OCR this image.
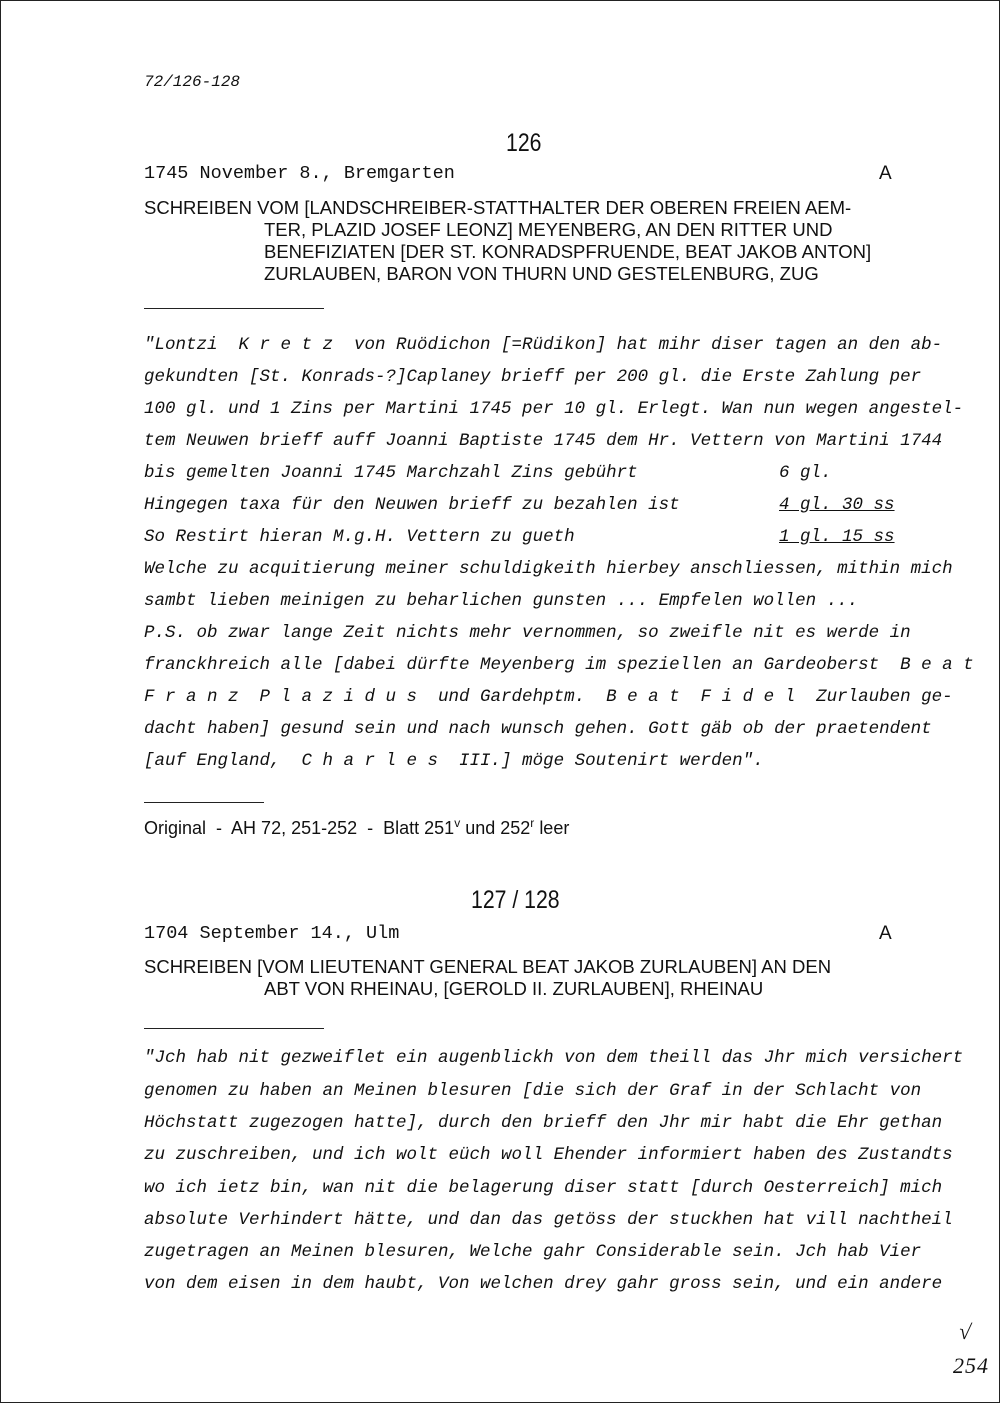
72/126-128
126
1745 November 8., Bremgarten	A
SCHREIBEN VOM [LANDSCHREIBER-STATTHALTER DER OBEREN FREIEN AEM-
TER, PLAZID JOSEF LEONZ] MEYENBERG, AN DEN RITTER UND
BENEFIZIATEN [DER ST. KONRADSPFRUENDE, BEAT JAKOB ANTON]
ZURLAUBEN, BARON VON THURN UND GESTELENBURG, ZUG
"Lontzi  K r e t z  von Ruödichon [=Rüdikon] hat mihr diser tagen an den ab-
gekundten [St. Konrads-?]Caplaney brieff per 200 gl. die Erste Zahlung per
100 gl. und 1 Zins per Martini 1745 per 10 gl. Erlegt. Wan nun wegen angestel-
tem Neuwen brieff auff Joanni Baptiste 1745 dem Hr. Vettern von Martini 1744
bis gemelten Joanni 1745 Marchzahl Zins gebührt	6 gl.
Hingegen taxa für den Neuwen brieff zu bezahlen ist	4 gl. 30 ss
So Restirt hieran M.g.H. Vettern zu gueth	1 gl. 15 ss
Welche zu acquitierung meiner schuldigkeith hierbey anschliessen, mithin mich
sambt lieben meinigen zu beharlichen gunsten ... Empfelen wollen ...
P.S. ob zwar lange Zeit nichts mehr vernommen, so zweifle nit es werde in
franckhreich alle [dabei dürfte Meyenberg im speziellen an Gardeoberst  B e a t
F r a n z  P l a z i d u s  und Gardehptm.  B e a t  F i d e l  Zurlauben ge-
dacht haben] gesund sein und nach wunsch gehen. Gott gäb ob der praetendent
[auf England,  C h a r l e s  III.] möge Soutenirt werden".
Original  -  AH 72, 251-252  -  Blatt 251$^v$ und 252$^r$ leer
127 / 128
1704 September 14., Ulm	A
SCHREIBEN [VOM LIEUTENANT GENERAL BEAT JAKOB ZURLAUBEN] AN DEN
ABT VON RHEINAU, [GEROLD II. ZURLAUBEN], RHEINAU
"Jch hab nit gezweiflet ein augenblickh von dem theill das Jhr mich versichert
genomen zu haben an Meinen blesuren [die sich der Graf in der Schlacht von
Höchstatt zugezogen hatte], durch den brieff den Jhr mir habt die Ehr gethan
zu zuschreiben, und ich wolt eüch woll Ehender informiert haben des Zustandts
wo ich ietz bin, wan nit die belagerung diser statt [durch Oesterreich] mich
absolute Verhindert hätte, und dan das getöss der stuckhen hat vill nachtheil
zugetragen an Meinen blesuren, Welche gahr Considerable sein. Jch hab Vier
von dem eisen in dem haubt, Von welchen drey gahr gross sein, und ein andere
√
254
